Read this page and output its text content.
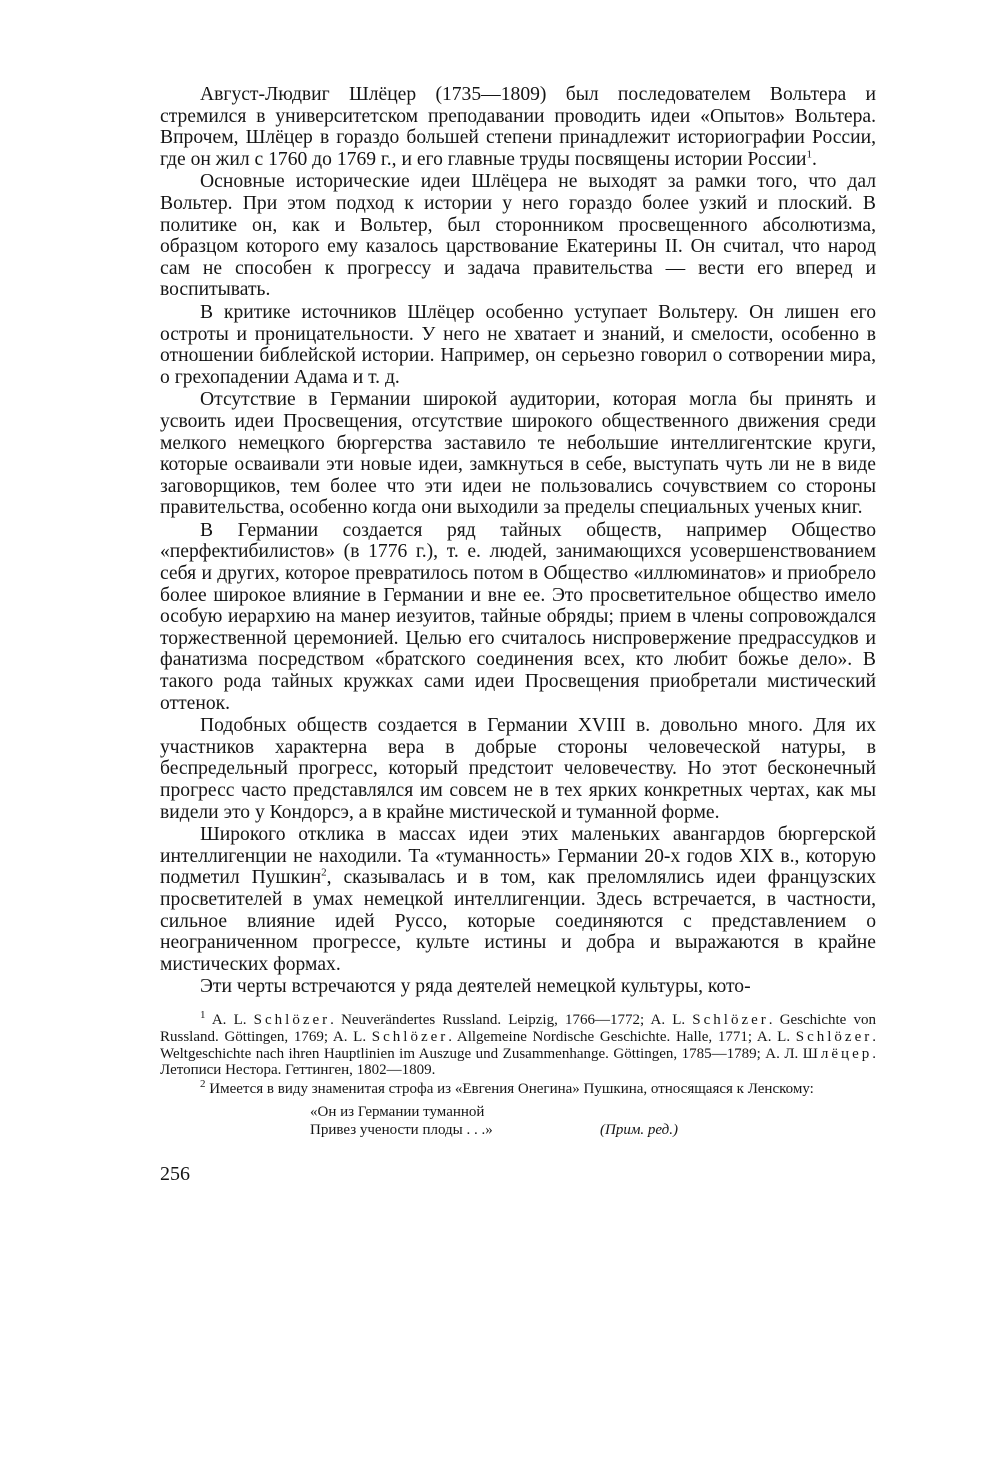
Август-Людвиг Шлёцер (1735—1809) был последователем Вольтера и стремился в университетском преподавании проводить идеи «Опытов» Вольтера. Впрочем, Шлёцер в гораздо большей степени принадлежит историографии России, где он жил с 1760 до 1769 г., и его главные труды посвящены истории России$^1$.

Основные исторические идеи Шлёцера не выходят за рамки того, что дал Вольтер. При этом подход к истории у него гораздо более узкий и плоский. В политике он, как и Вольтер, был сторонником просвещенного абсолютизма, образцом которого ему казалось царствование Екатерины II. Он считал, что народ сам не способен к прогрессу и задача правительства — вести его вперед и воспитывать.

В критике источников Шлёцер особенно уступает Вольтеру. Он лишен его остроты и проницательности. У него не хватает и знаний, и смелости, особенно в отношении библейской истории. Например, он серьезно говорил о сотворении мира, о грехопадении Адама и т. д.

Отсутствие в Германии широкой аудитории, которая могла бы принять и усвоить идеи Просвещения, отсутствие широкого общественного движения среди мелкого немецкого бюргерства заставило те небольшие интеллигентские круги, которые осваивали эти новые идеи, замкнуться в себе, выступать чуть ли не в виде заговорщиков, тем более что эти идеи не пользовались сочувствием со стороны правительства, особенно когда они выходили за пределы специальных ученых книг.

В Германии создается ряд тайных обществ, например Общество «перфектибилистов» (в 1776 г.), т. е. людей, занимающихся усовершенствованием себя и других, которое превратилось потом в Общество «иллюминатов» и приобрело более широкое влияние в Германии и вне ее. Это просветительное общество имело особую иерархию на манер иезуитов, тайные обряды; прием в члены сопровождался торжественной церемонией. Целью его считалось ниспровержение предрассудков и фанатизма посредством «братского соединения всех, кто любит божье дело». В такого рода тайных кружках сами идеи Просвещения приобретали мистический оттенок.

Подобных обществ создается в Германии XVIII в. довольно много. Для их участников характерна вера в добрые стороны человеческой натуры, в беспредельный прогресс, который предстоит человечеству. Но этот бесконечный прогресс часто представлялся им совсем не в тех ярких конкретных чертах, как мы видели это у Кондорсэ, а в крайне мистической и туманной форме.

Широкого отклика в массах идеи этих маленьких авангардов бюргерской интеллигенции не находили. Та «туманность» Германии 20-х годов XIX в., которую подметил Пушкин$^2$, сказывалась и в том, как преломлялись идеи французских просветителей в умах немецкой интеллигенции. Здесь встречается, в частности, сильное влияние идей Руссо, которые соединяются с представлением о неограниченном прогрессе, культе истины и добра и выражаются в крайне мистических формах.

Эти черты встречаются у ряда деятелей немецкой культуры, кото-

$^1$ A. L. Schlözer. Neuverändertes Russland. Leipzig, 1766—1772; A. L. Schlözer. Geschichte von Russland. Göttingen, 1769; A. L. Schlözer. Allgemeine Nordische Geschichte. Halle, 1771; A. L. Schlözer. Weltgeschichte nach ihren Hauptlinien im Auszuge und Zusammenhange. Göttingen, 1785—1789; А. Л. Шлёцер. Летописи Нестора. Геттинген, 1802—1809.

$^2$ Имеется в виду знаменитая строфа из «Евгения Онегина» Пушкина, относящаяся к Ленскому:

«Он из Германии туманной
Привез учености плоды . . .»	(Прим. ред.)
256
